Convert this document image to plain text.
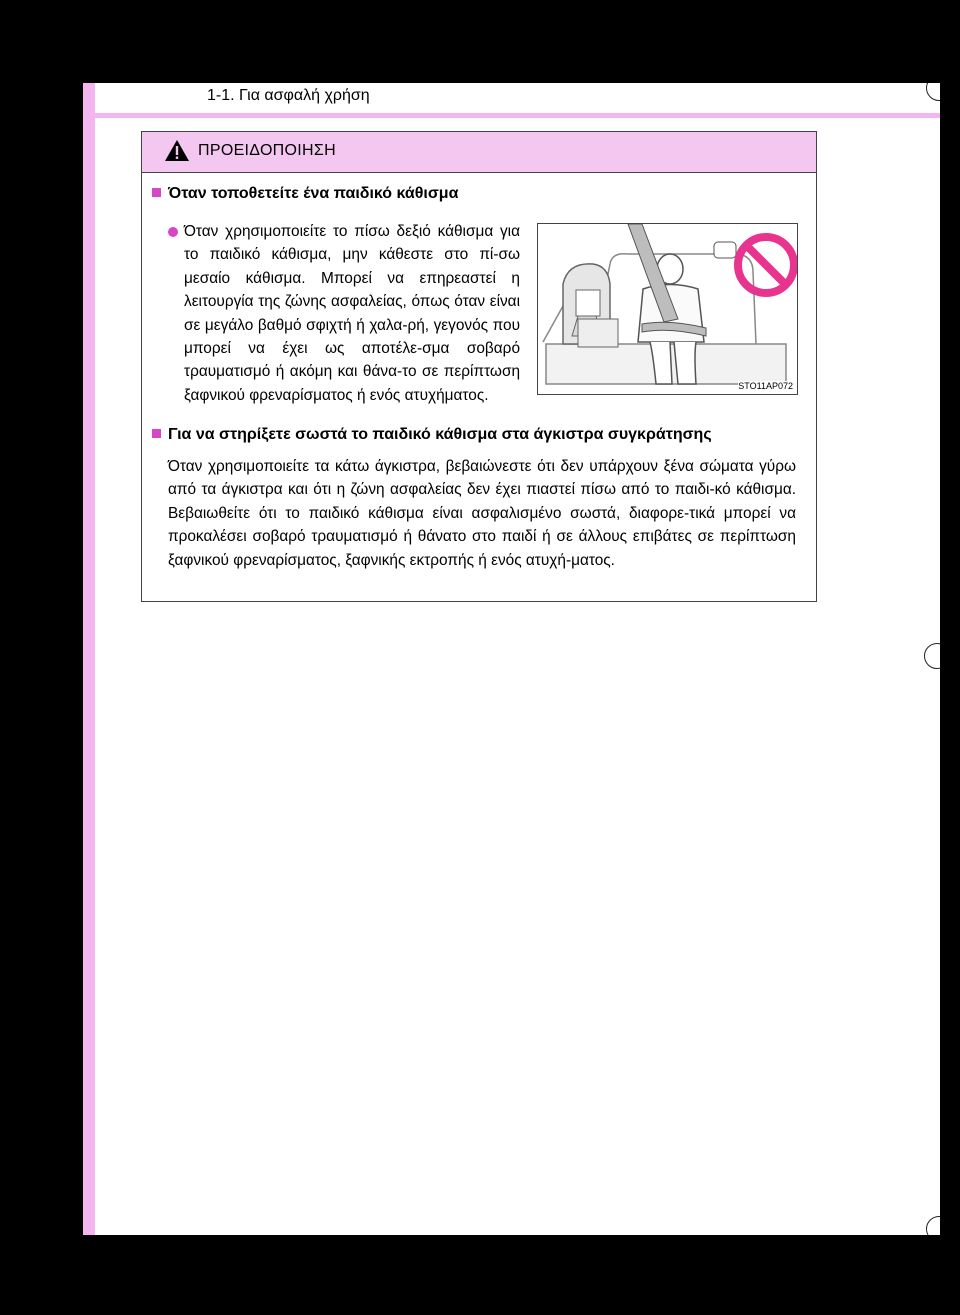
1-1. Για ασφαλή χρήση
ΠΡΟΕΙΔΟΠΟΙΗΣΗ
Όταν τοποθετείτε ένα παιδικό κάθισμα
Όταν χρησιμοποιείτε το πίσω δεξιό κάθισμα για το παιδικό κάθισμα, μην κάθεστε στο πί-σω μεσαίο κάθισμα. Μπορεί να επηρεαστεί η λειτουργία της ζώνης ασφαλείας, όπως όταν είναι σε μεγάλο βαθμό σφιχτή ή χαλα-ρή, γεγονός που μπορεί να έχει ως αποτέλε-σμα σοβαρό τραυματισμό ή ακόμη και θάνα-το σε περίπτωση ξαφνικού φρεναρίσματος ή ενός ατυχήματος.
STO11AP072
Για να στηρίξετε σωστά το παιδικό κάθισμα στα άγκιστρα συγκράτησης
Όταν χρησιμοποιείτε τα κάτω άγκιστρα, βεβαιώνεστε ότι δεν υπάρχουν ξένα σώματα γύρω από τα άγκιστρα και ότι η ζώνη ασφαλείας δεν έχει πιαστεί πίσω από το παιδι-κό κάθισμα. Βεβαιωθείτε ότι το παιδικό κάθισμα είναι ασφαλισμένο σωστά, διαφορε-τικά μπορεί να προκαλέσει σοβαρό τραυματισμό ή θάνατο στο παιδί ή σε άλλους επιβάτες σε περίπτωση ξαφνικού φρεναρίσματος, ξαφνικής εκτροπής ή ενός ατυχή-ματος.
